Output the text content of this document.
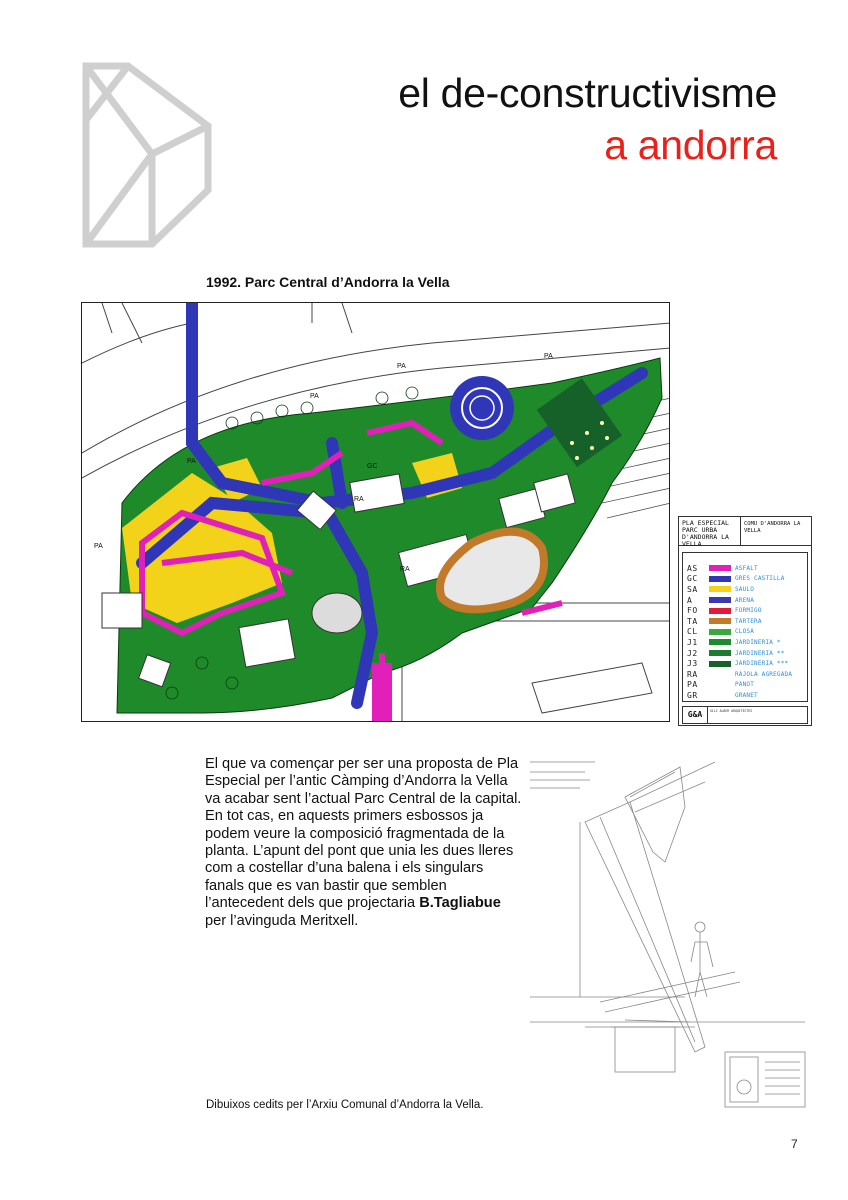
el de-constructivisme
a andorra
1992. Parc Central d’Andorra la Vella
PA
PA
PA
PA
PA
GC
RA
RA
PLA ESPECIAL PARC URBA D'ANDORRA LA VELLA
COMU D'ANDORRA LA VELLA
AS	ASFALT
GC	GRES CASTILLA
SA	SAULO
A	ARENA
FO	FORMIGO
TA	TARTERA
CL	CLOSA
J1	JARDINERIA *
J2	JARDINERIA **
J3	JARDINERIA ***
RA	RAJOLA AGREGADA
PA	PANOT
GR	GRANET
G&A	GILI ALBER ARQUITECTES
El que va començar per ser una proposta de Pla Especial per l’antic Càmping d’Andorra la Vella va acabar sent l’actual Parc Central de la capital. En tot cas, en aquests primers esbossos ja podem veure la composició fragmentada de la planta. L’apunt del pont que unia les dues lleres com a costellar d’una balena i els singulars fanals que es van bastir que semblen l’antecedent dels que projectaria B.Tagliabue per l’avinguda Meritxell.
Dibuixos cedits per l’Arxiu Comunal d’Andorra la Vella.
7
